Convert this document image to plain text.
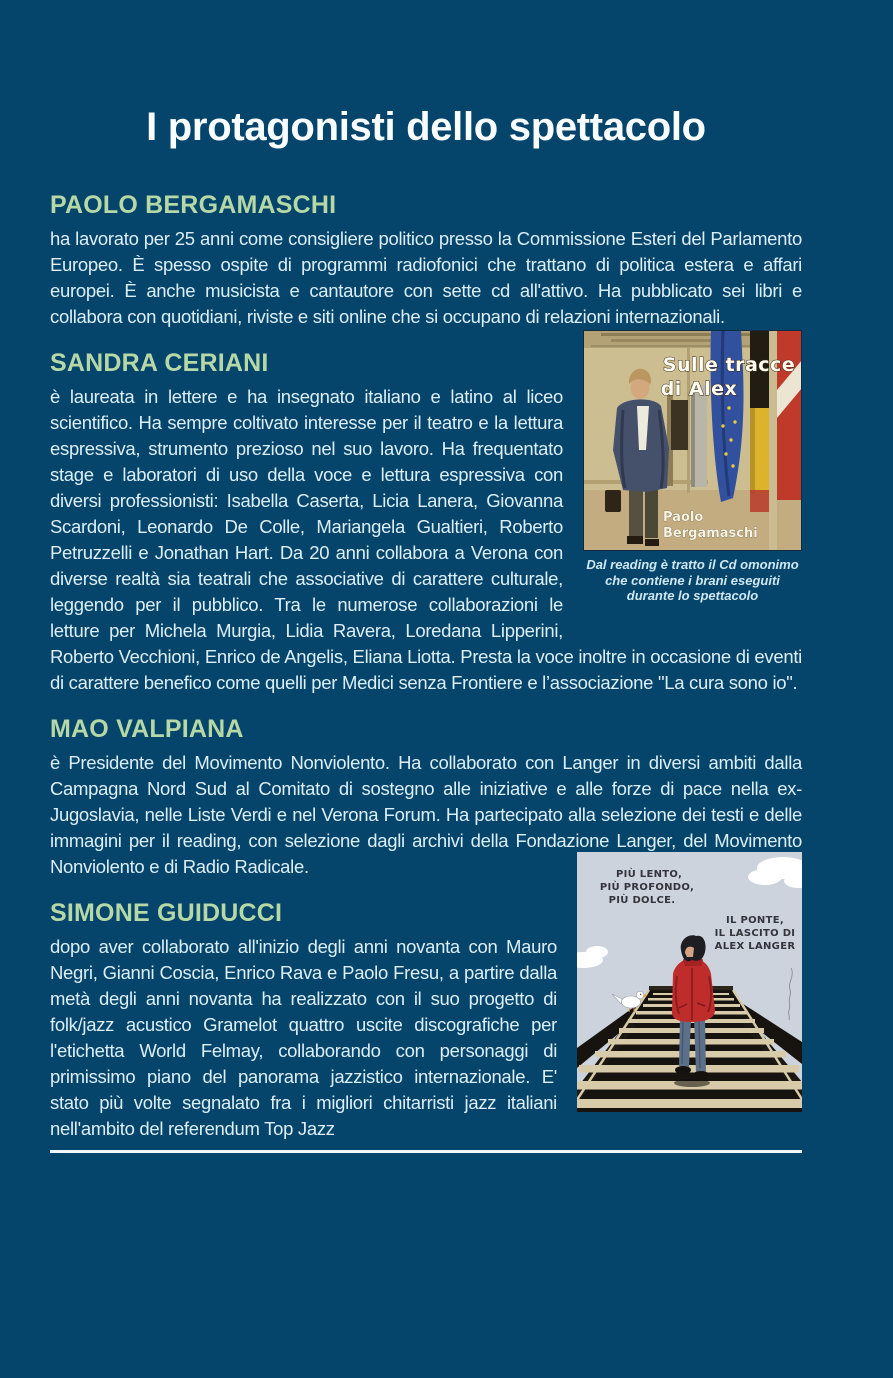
I protagonisti dello spettacolo
PAOLO BERGAMASCHI

ha lavorato per 25 anni come consigliere politico presso la Commissione Esteri del Parlamento Europeo. È spesso ospite di programmi radiofonici che trattano di politica estera e affari europei. È anche musicista e cantautore con sette cd all'attivo. Ha pubblicato sei libri e collabora con quotidiani, riviste e siti online che si occupano di relazioni internazionali.

Sulle tracce
di Alex
Paolo
Bergamaschi
Dal reading è tratto il Cd omonimo che contiene i brani eseguiti durante lo spettacolo
SANDRA CERIANI

è laureata in lettere e ha insegnato italiano e latino al liceo scientifico. Ha sempre coltivato interesse per il teatro e la lettura espressiva, strumento prezioso nel suo lavoro. Ha frequentato stage e laboratori di uso della voce e lettura espressiva con diversi professionisti: Isabella Caserta, Licia Lanera, Giovanna Scardoni, Leonardo De Colle, Mariangela Gualtieri, Roberto Petruzzelli e Jonathan Hart. Da 20 anni collabora a Verona con diverse realtà sia teatrali che associative di carattere culturale, leggendo per il pubblico. Tra le numerose collaborazioni le letture per Michela Murgia, Lidia Ravera, Loredana Lipperini, Roberto Vecchioni, Enrico de Angelis, Eliana Liotta. Presta la voce inoltre in occasione di eventi di carattere benefico come quelli per Medici senza Frontiere e l’associazione "La cura sono io".

MAO VALPIANA

è Presidente del Movimento Nonviolento. Ha collaborato con Langer in diversi ambiti dalla Campagna Nord Sud al Comitato di sostegno alle iniziative e alle forze di pace nella ex-Jugoslavia, nelle Liste Verdi e nel Verona Forum. Ha partecipato alla selezione dei testi e delle immagini per il reading, con selezione dagli archivi della Fondazione Langer, del Movimento Nonviolento e di Radio Radicale.	PIÙ LENTO,
PIÙ PROFONDO,
PIÙ DOLCE.
IL PONTE,
IL LASCITO DI
ALEX LANGER
SIMONE GUIDUCCI

dopo aver collaborato all'inizio degli anni novanta con Mauro Negri, Gianni Coscia, Enrico Rava e Paolo Fresu, a partire dalla metà degli anni novanta ha realizzato con il suo progetto di folk/jazz acustico Gramelot quattro uscite discografiche per l'etichetta World Felmay, collaborando con personaggi di primissimo piano del panorama jazzistico internazionale. E' stato più volte segnalato fra i migliori chitarristi jazz italiani nell'ambito del referendum Top Jazz
